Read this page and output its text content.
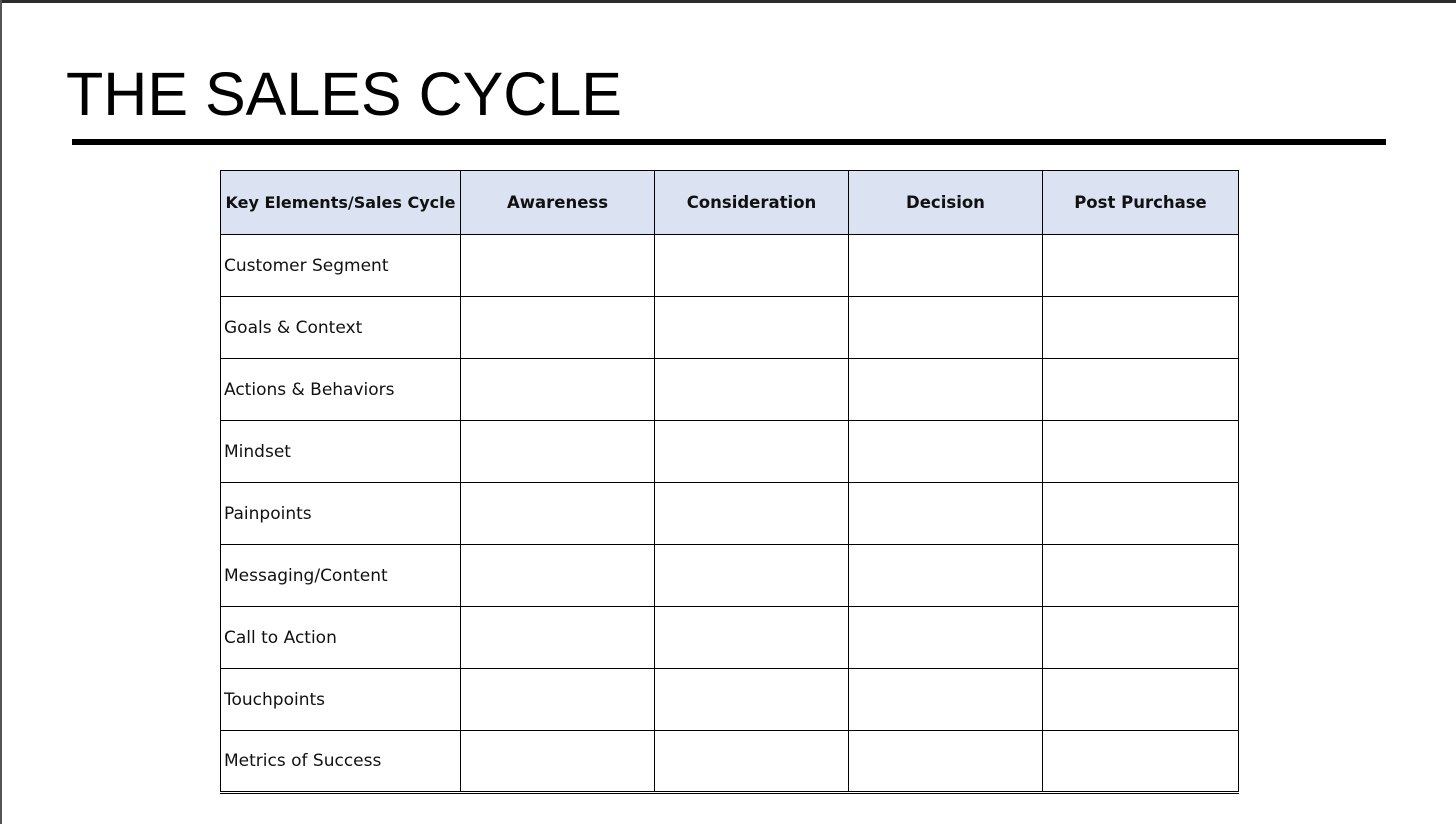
THE SALES CYCLE
Key Elements/Sales Cycle	Awareness	Consideration	Decision	Post Purchase
Customer Segment				
Goals & Context				
Actions & Behaviors				
Mindset				
Painpoints				
Messaging/Content				
Call to Action				
Touchpoints				
Metrics of Success				
